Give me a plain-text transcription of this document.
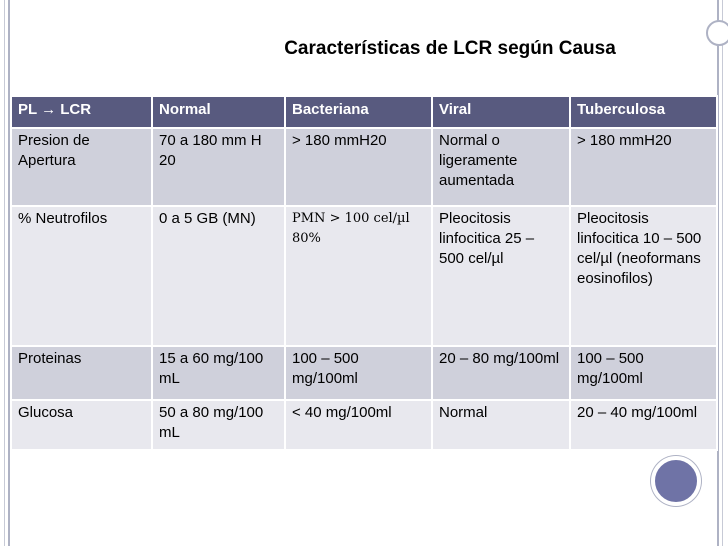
Características de LCR según Causa
PL → LCR	Normal	Bacteriana	Viral	Tuberculosa
Presion de Apertura	70 a 180 mm H 20	> 180 mmH20	Normal o ligeramente aumentada	> 180 mmH20
% Neutrofilos	0 a 5 GB (MN)	PMN > 100 cel/µl 80%	Pleocitosis linfocitica 25 – 500 cel/µl	Pleocitosis linfocitica 10 – 500 cel/µl (neoformans eosinofilos)
Proteinas	15 a 60 mg/100 mL	100 – 500 mg/100ml	20 – 80 mg/100ml	100 – 500 mg/100ml
Glucosa	50 a 80 mg/100 mL	< 40 mg/100ml	Normal	20 – 40 mg/100ml
